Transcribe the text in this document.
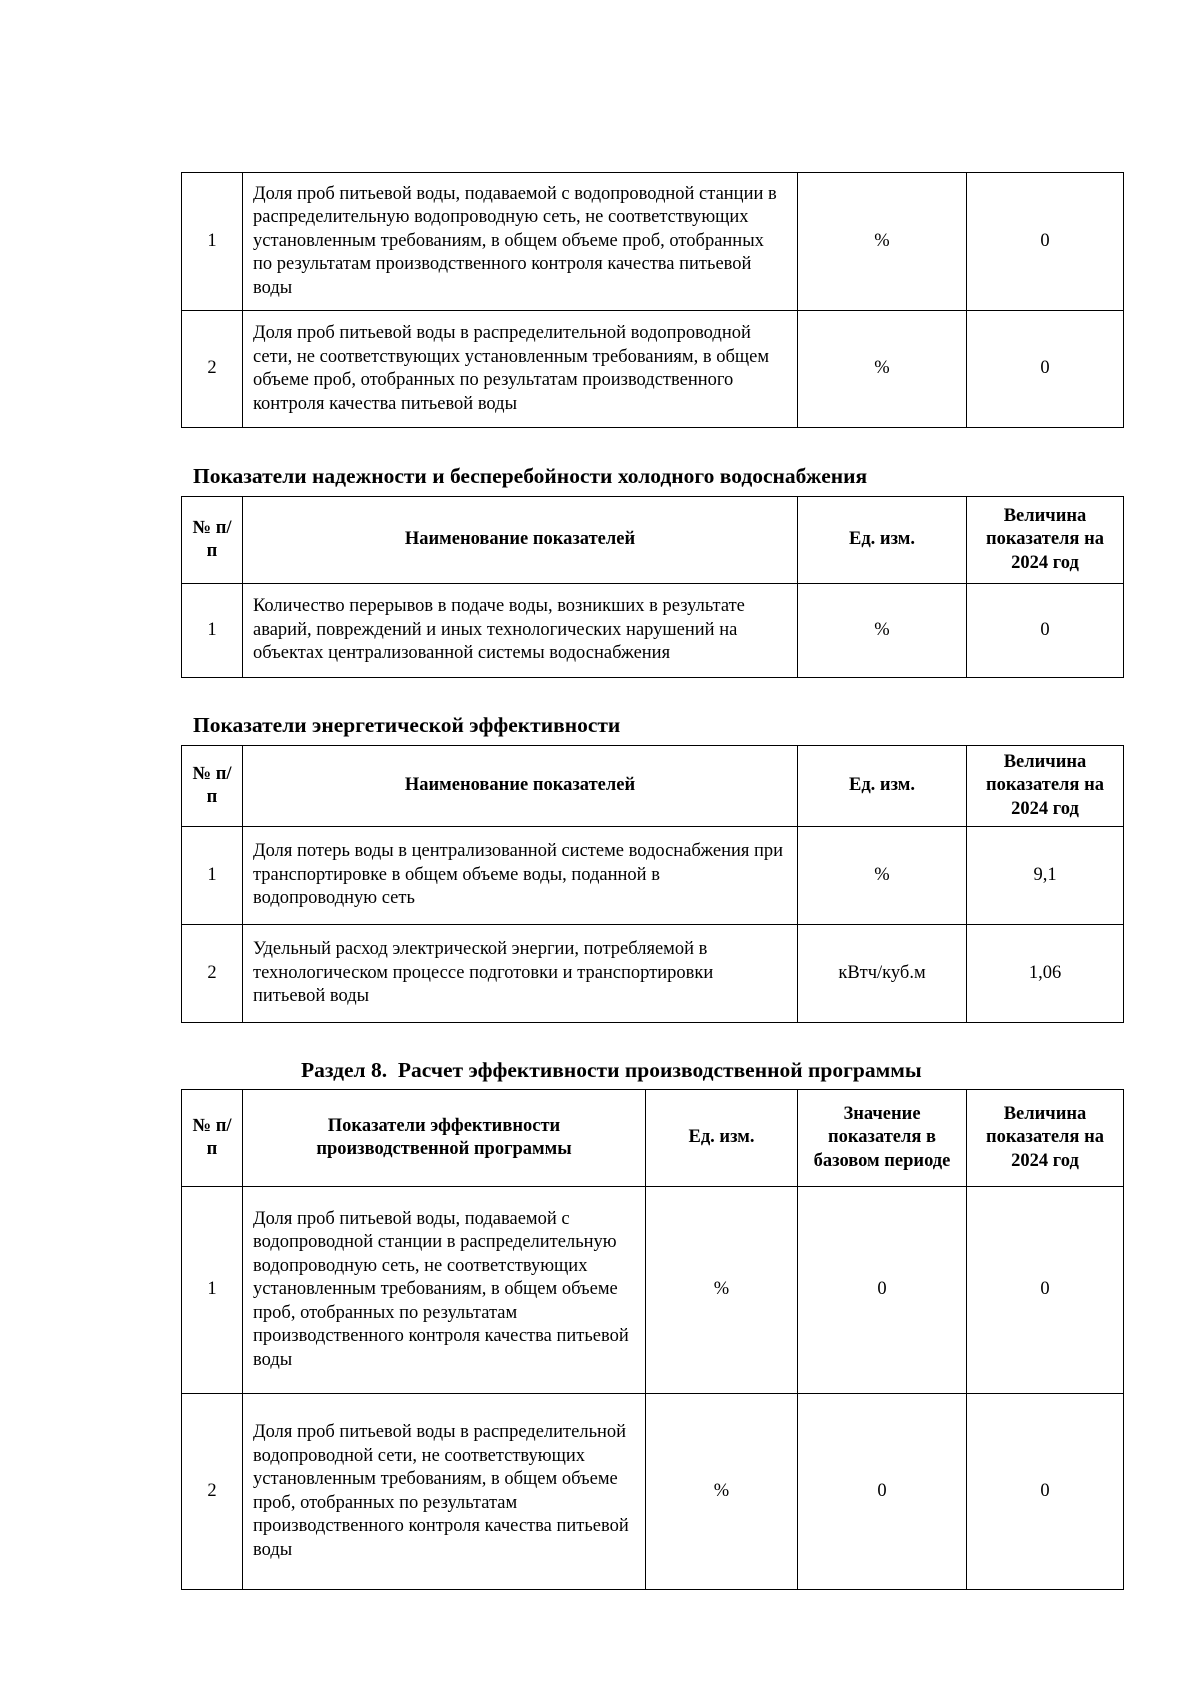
1	Доля проб питьевой воды, подаваемой с водопроводной станции в распределительную водопроводную сеть, не соответствующих установленным требованиям, в общем объеме проб, отобранных по результатам производственного контроля качества питьевой воды	%	0
2	Доля проб питьевой воды в распределительной водопроводной сети, не соответствующих установленным требованиям, в общем объеме проб, отобранных по результатам производственного контроля качества питьевой воды	%	0
Показатели надежности и бесперебойности холодного водоснабжения
№ п/п	Наименование показателей	Ед. изм.	Величина показателя на 2024 год
1	Количество перерывов в подаче воды, возникших в результате аварий, повреждений и иных технологических нарушений на объектах централизованной системы водоснабжения	%	0
Показатели энергетической эффективности
№ п/п	Наименование показателей	Ед. изм.	Величина показателя на 2024 год
1	Доля потерь воды в централизованной системе водоснабжения при транспортировке в общем объеме воды, поданной в водопроводную сеть	%	9,1
2	Удельный расход электрической энергии, потребляемой в технологическом процессе подготовки и транспортировки питьевой воды	кВтч/куб.м	1,06
Раздел 8.  Расчет эффективности производственной программы
№ п/п	Показатели эффективности производственной программы	Ед. изм.	Значение показателя в базовом периоде	Величина показателя на 2024 год
1	Доля проб питьевой воды, подаваемой с водопроводной станции в распределительную водопроводную сеть, не соответствующих установленным требованиям, в общем объеме проб, отобранных по результатам производственного контроля качества питьевой воды	%	0	0
2	Доля проб питьевой воды в распределительной водопроводной сети, не соответствующих установленным требованиям, в общем объеме проб, отобранных по результатам производственного контроля качества питьевой воды	%	0	0
